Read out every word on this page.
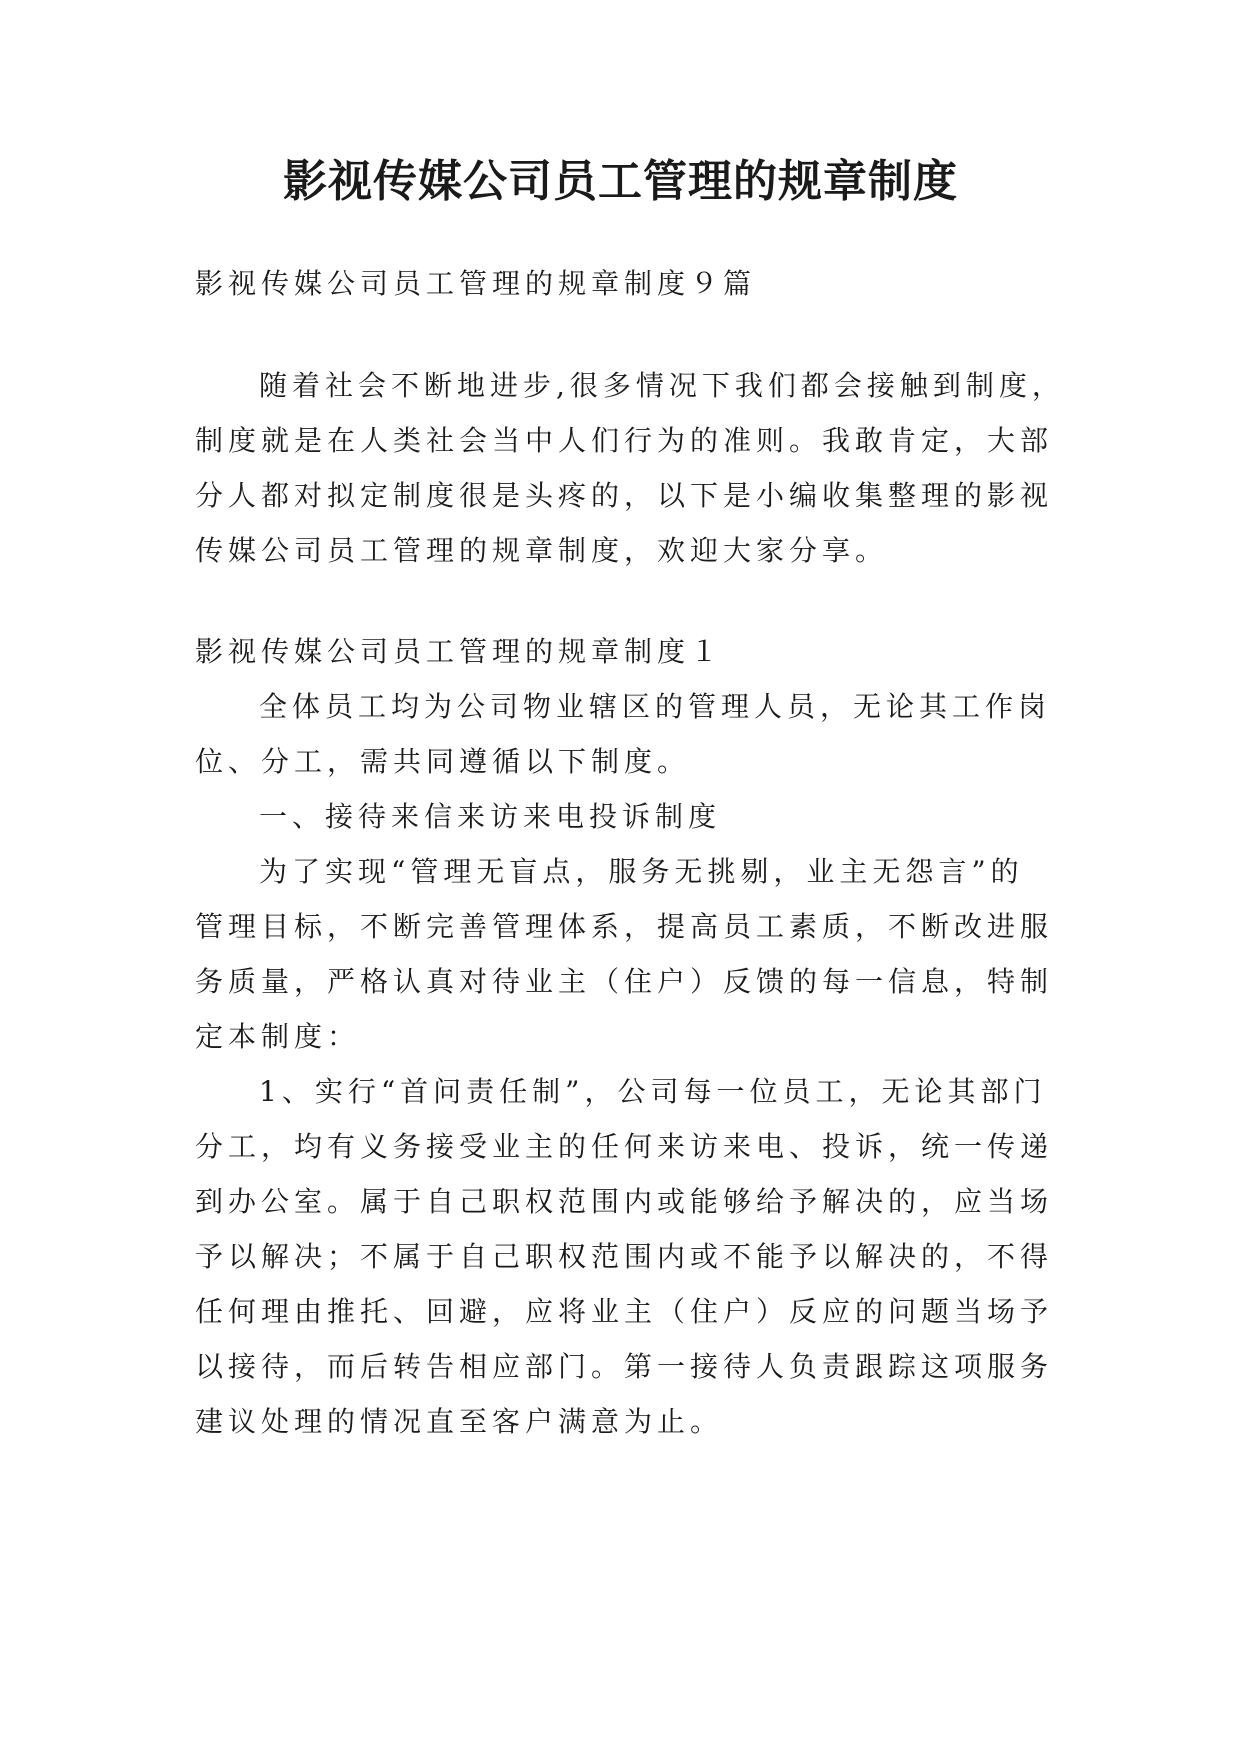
影视传媒公司员工管理的规章制度
影视传媒公司员工管理的规章制度９篇
随着社会不断地进步,很多情况下我们都会接触到制度，
制度就是在人类社会当中人们行为的准则。我敢肯定，大部
分人都对拟定制度很是头疼的，以下是小编收集整理的影视
传媒公司员工管理的规章制度，欢迎大家分享。
影视传媒公司员工管理的规章制度１
全体员工均为公司物业辖区的管理人员，无论其工作岗
位、分工，需共同遵循以下制度。
一、接待来信来访来电投诉制度
为了实现“管理无盲点，服务无挑剔，业主无怨言”的
管理目标，不断完善管理体系，提高员工素质，不断改进服
务质量，严格认真对待业主（住户）反馈的每一信息，特制
定本制度：
1、实行“首问责任制”，公司每一位员工，无论其部门
分工，均有义务接受业主的任何来访来电、投诉，统一传递
到办公室。属于自己职权范围内或能够给予解决的，应当场
予以解决；不属于自己职权范围内或不能予以解决的，不得
任何理由推托、回避，应将业主（住户）反应的问题当场予
以接待，而后转告相应部门。第一接待人负责跟踪这项服务
建议处理的情况直至客户满意为止。
